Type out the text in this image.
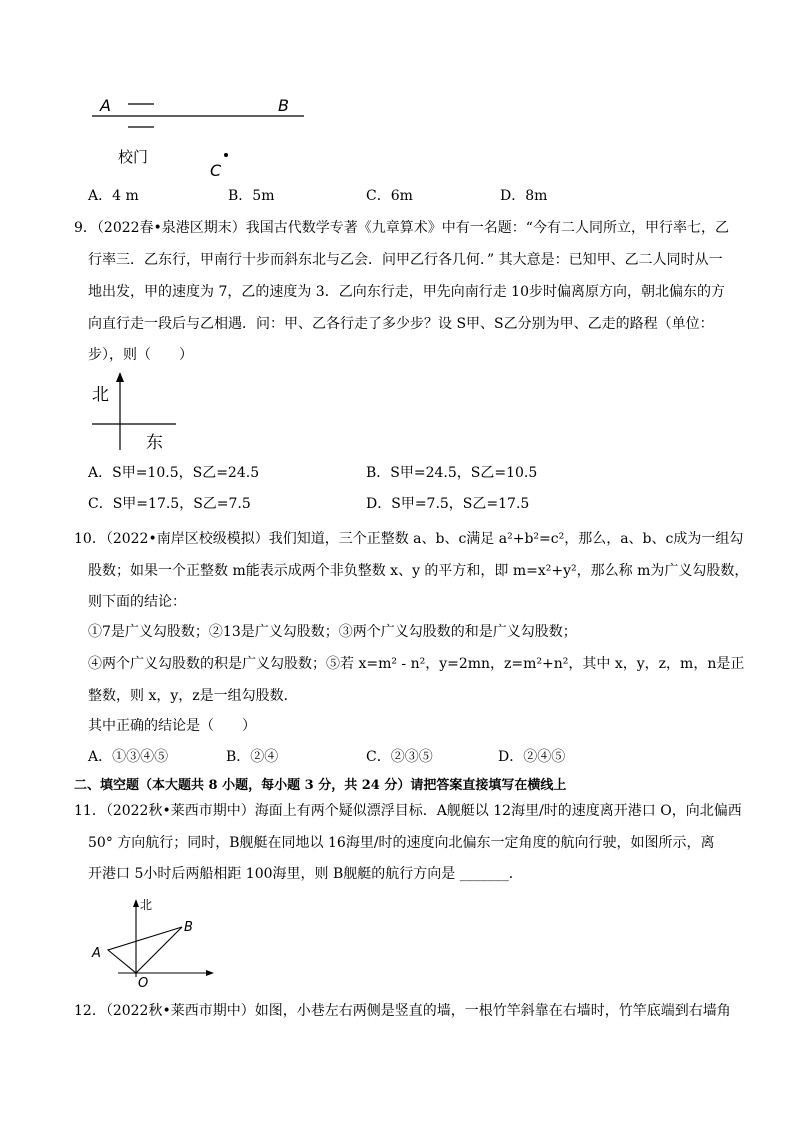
A	B
校门
C
A．4 m	B．5m	C．6m	D．8m
9．（2022春•泉港区期末）我国古代数学专著《九章算术》中有一名题：“今有二人同所立，甲行率七，乙
行率三．乙东行，甲南行十步而斜东北与乙会．问甲乙行各几何．” 其大意是：已知甲、乙二人同时从一
地出发，甲的速度为 7，乙的速度为 3．乙向东行走，甲先向南行走 10步时偏离原方向，朝北偏东的方
向直行走一段后与乙相遇．问：甲、乙各行走了多少步？设 S甲、S乙分别为甲、乙走的路程（单位：
步），则（　　）
北
东
A．S甲=10.5，S乙=24.5	B．S甲=24.5，S乙=10.5
C．S甲=17.5，S乙=7.5	D．S甲=7.5，S乙=17.5
10．（2022•南岸区校级模拟）我们知道，三个正整数 a、b、c满足 a²+b²=c²，那么，a、b、c成为一组勾
股数；如果一个正整数 m能表示成两个非负整数 x、y 的平方和，即 m=x²+y²，那么称 m为广义勾股数，
则下面的结论：
①7是广义勾股数；②13是广义勾股数；③两个广义勾股数的和是广义勾股数；
④两个广义勾股数的积是广义勾股数；⑤若 x=m² - n²，y=2mn，z=m²+n²，其中 x，y，z，m，n是正
整数，则 x，y，z是一组勾股数．
其中正确的结论是（　　）
A．①③④⑤	B．②④	C．②③⑤	D．②④⑤
二、填空题（本大题共 8 小题，每小题 3 分，共 24 分）请把答案直接填写在横线上
11．（2022秋•莱西市期中）海面上有两个疑似漂浮目标．A舰艇以 12海里/时的速度离开港口 O，向北偏西
50° 方向航行；同时，B舰艇在同地以 16海里/时的速度向北偏东一定角度的航向行驶，如图所示，离
开港口 5小时后两船相距 100海里，则 B舰艇的航行方向是 _______．
北
A
B
O
12．（2022秋•莱西市期中）如图，小巷左右两侧是竖直的墙，一根竹竿斜靠在右墙时，竹竿底端到右墙角
